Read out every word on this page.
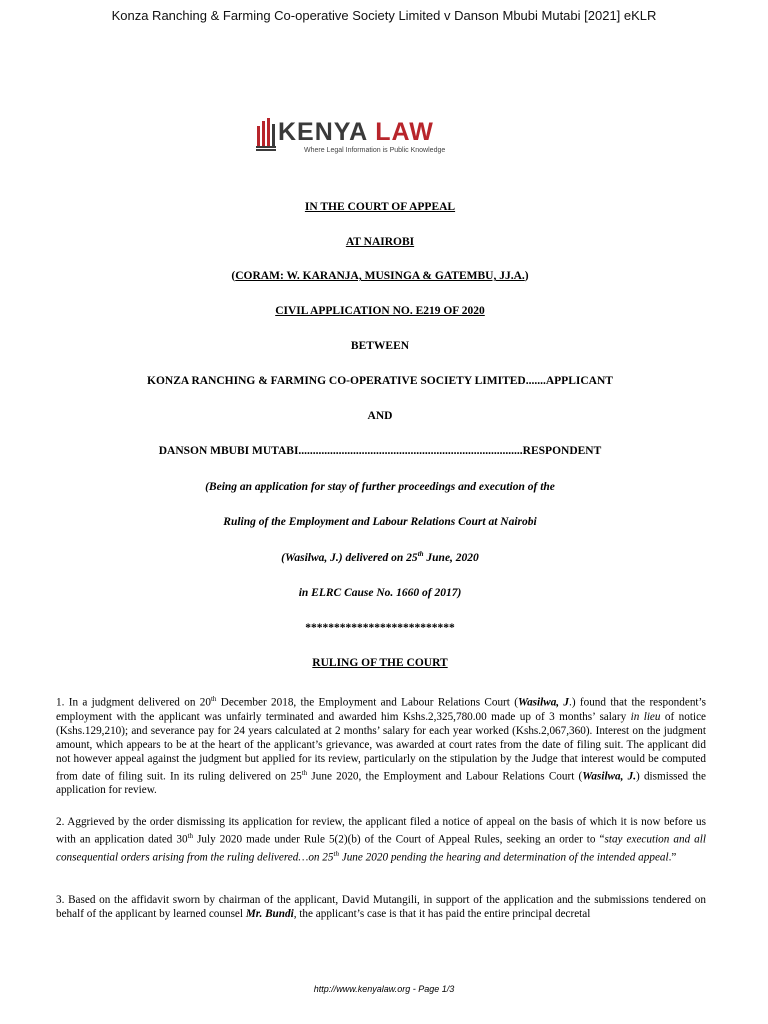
Konza Ranching & Farming Co-operative Society Limited v Danson Mbubi Mutabi [2021] eKLR
KENYA LAW
Where Legal Information is Public Knowledge
IN THE COURT OF APPEAL
AT NAIROBI
(CORAM: W. KARANJA, MUSINGA & GATEMBU, JJ.A.)
CIVIL APPLICATION NO. E219 OF 2020
BETWEEN
KONZA RANCHING & FARMING CO-OPERATIVE SOCIETY LIMITED.......APPLICANT
AND
DANSON MBUBI MUTABI..............................................................................RESPONDENT
(Being an application for stay of further proceedings and execution of the
Ruling of the Employment and Labour Relations Court at Nairobi
(Wasilwa, J.) delivered on 25th June, 2020
in ELRC Cause No. 1660 of 2017)
**************************
RULING OF THE COURT
1. In a judgment delivered on 20th December 2018, the Employment and Labour Relations Court (Wasilwa, J.) found that the respondent’s employment with the applicant was unfairly terminated and awarded him Kshs.2,325,780.00 made up of 3 months’ salary in lieu of notice (Kshs.129,210); and severance pay for 24 years calculated at 2 months’ salary for each year worked (Kshs.2,067,360). Interest on the judgment amount, which appears to be at the heart of the applicant’s grievance, was awarded at court rates from the date of filing suit. The applicant did not however appeal against the judgment but applied for its review, particularly on the stipulation by the Judge that interest would be computed from date of filing suit. In its ruling delivered on 25th June 2020, the Employment and Labour Relations Court (Wasilwa, J.) dismissed the application for review.
2. Aggrieved by the order dismissing its application for review, the applicant filed a notice of appeal on the basis of which it is now before us with an application dated 30th July 2020 made under Rule 5(2)(b) of the Court of Appeal Rules, seeking an order to “stay execution and all consequential orders arising from the ruling delivered…on 25th June 2020 pending the hearing and determination of the intended appeal.”
3. Based on the affidavit sworn by chairman of the applicant, David Mutangili, in support of the application and the submissions tendered on behalf of the applicant by learned counsel Mr. Bundi, the applicant’s case is that it has paid the entire principal decretal
http://www.kenyalaw.org - Page 1/3
